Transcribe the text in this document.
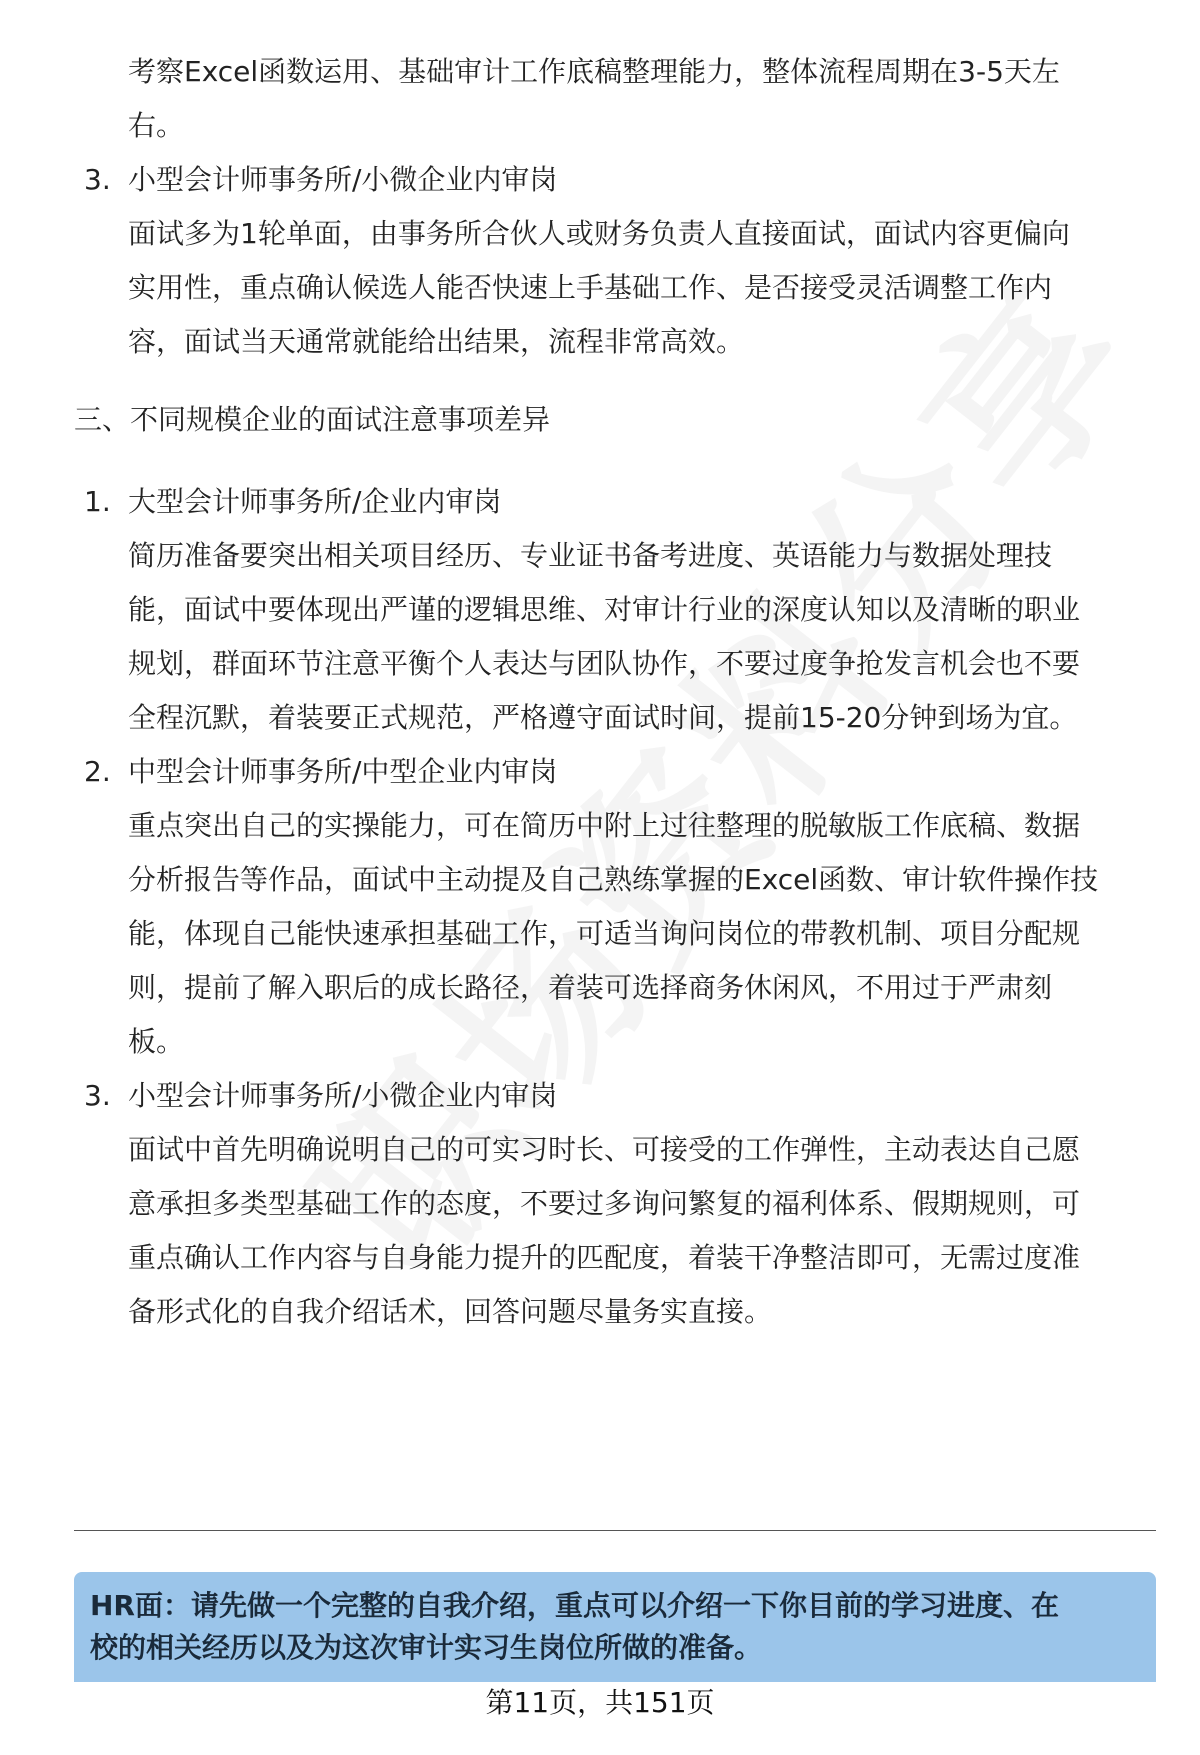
考察Excel函数运用、基础审计工作底稿整理能力，整体流程周期在3-5天左
右。
3. 小型会计师事务所/小微企业内审岗
面试多为1轮单面，由事务所合伙人或财务负责人直接面试，面试内容更偏向
实用性，重点确认候选人能否快速上手基础工作、是否接受灵活调整工作内
容，面试当天通常就能给出结果，流程非常高效。
三、不同规模企业的面试注意事项差异
1. 大型会计师事务所/企业内审岗
简历准备要突出相关项目经历、专业证书备考进度、英语能力与数据处理技
能，面试中要体现出严谨的逻辑思维、对审计行业的深度认知以及清晰的职业
规划，群面环节注意平衡个人表达与团队协作，不要过度争抢发言机会也不要
全程沉默，着装要正式规范，严格遵守面试时间，提前15-20分钟到场为宜。
2. 中型会计师事务所/中型企业内审岗
重点突出自己的实操能力，可在简历中附上过往整理的脱敏版工作底稿、数据
分析报告等作品，面试中主动提及自己熟练掌握的Excel函数、审计软件操作技
能，体现自己能快速承担基础工作，可适当询问岗位的带教机制、项目分配规
则，提前了解入职后的成长路径，着装可选择商务休闲风，不用过于严肃刻
板。
3. 小型会计师事务所/小微企业内审岗
面试中首先明确说明自己的可实习时长、可接受的工作弹性，主动表达自己愿
意承担多类型基础工作的态度，不要过多询问繁复的福利体系、假期规则，可
重点确认工作内容与自身能力提升的匹配度，着装干净整洁即可，无需过度准
备形式化的自我介绍话术，回答问题尽量务实直接。
HR面：请先做一个完整的自我介绍，重点可以介绍一下你目前的学习进度、在
校的相关经历以及为这次审计实习生岗位所做的准备。
第11页，共151页
